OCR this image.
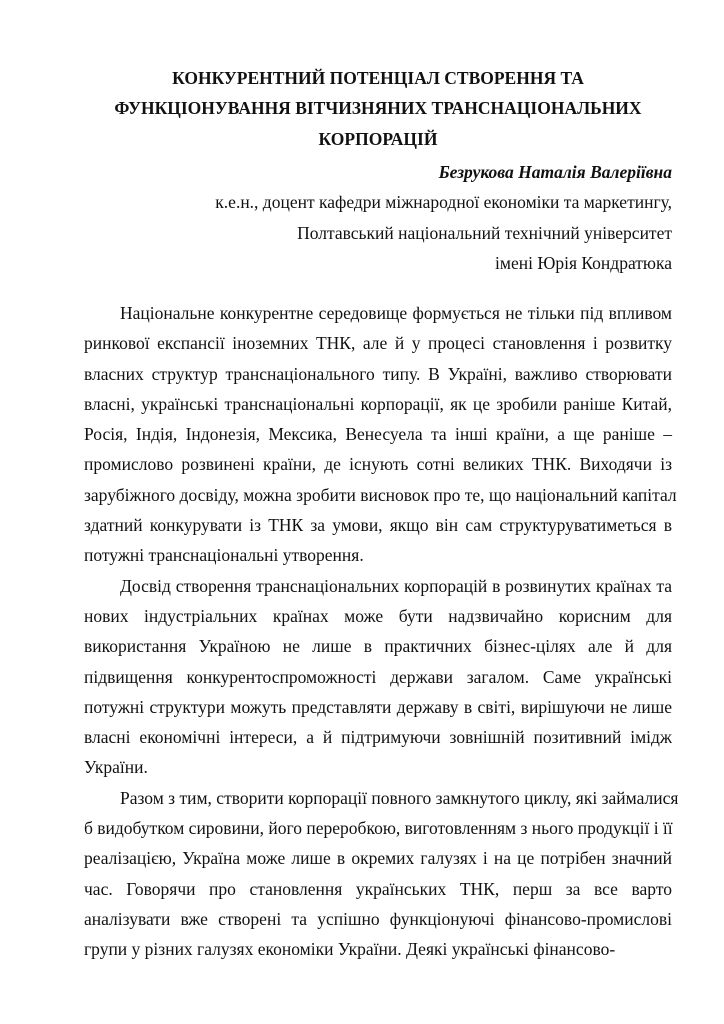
КОНКУРЕНТНИЙ ПОТЕНЦІАЛ СТВОРЕННЯ ТА
ФУНКЦІОНУВАННЯ ВІТЧИЗНЯНИХ ТРАНСНАЦІОНАЛЬНИХ
КОРПОРАЦІЙ
Безрукова Наталія Валеріївна
к.е.н., доцент кафедри міжнародної економіки та маркетингу,
Полтавський національний технічний університет
імені Юрія Кондратюка
Національне конкурентне середовище формується не тільки під впливом
ринкової експансії іноземних ТНК, але й у процесі становлення і розвитку
власних структур транснаціонального типу. В Україні, важливо створювати
власні, українські транснаціональні корпорації, як це зробили раніше Китай,
Росія, Індія, Індонезія, Мексика, Венесуела та інші країни, а ще раніше –
промислово розвинені країни, де існують сотні великих ТНК. Виходячи із
зарубіжного досвіду, можна зробити висновок про те, що національний капітал
здатний конкурувати із ТНК за умови, якщо він сам структуруватиметься в
потужні транснаціональні утворення.
Досвід створення транснаціональних корпорацій в розвинутих країнах та
нових індустріальних країнах може бути надзвичайно корисним для
використання Україною не лише в практичних бізнес-цілях але й для
підвищення конкурентоспроможності держави загалом. Саме українські
потужні структури можуть представляти державу в світі, вирішуючи не лише
власні економічні інтереси, а й підтримуючи зовнішній позитивний імідж
України.
Разом з тим, створити корпорації повного замкнутого циклу, які займалися
б видобутком сировини, його переробкою, виготовленням з нього продукції і її
реалізацією, Україна може лише в окремих галузях і на це потрібен значний
час. Говорячи про становлення українських ТНК, перш за все варто
аналізувати вже створені та успішно функціонуючі фінансово-промислові
групи у різних галузях економіки України. Деякі українські фінансово-
